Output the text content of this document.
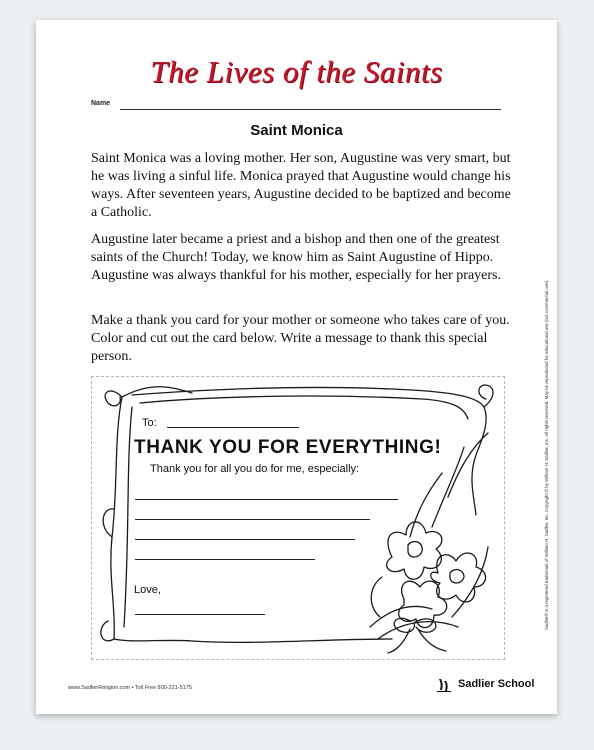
The Lives of the Saints
Name
Saint Monica

Saint Monica was a loving mother. Her son, Augustine was very smart, but he was living a sinful life. Monica prayed that Augustine would change his ways. After seventeen years, Augustine decided to be baptized and become a Catholic.

Augustine later became a priest and a bishop and then one of the greatest saints of the Church! Today, we know him as Saint Augustine of Hippo. Augustine was always thankful for his mother, especially for her prayers.

Make a thank you card for your mother or someone who takes care of you. Color and cut out the card below. Write a message to thank this special person.

To:
THANK YOU FOR EVERYTHING!
Thank you for all you do for me, especially:
Love,	Sadlier® is a registered trademark of William H. Sadlier, Inc. Copyright © by William H. Sadlier, Inc. All rights reserved. May be reproduced for educational use (not commercial use).
www.SadlierReligion.com • Toll Free 800-221-5175	Sadlier School
